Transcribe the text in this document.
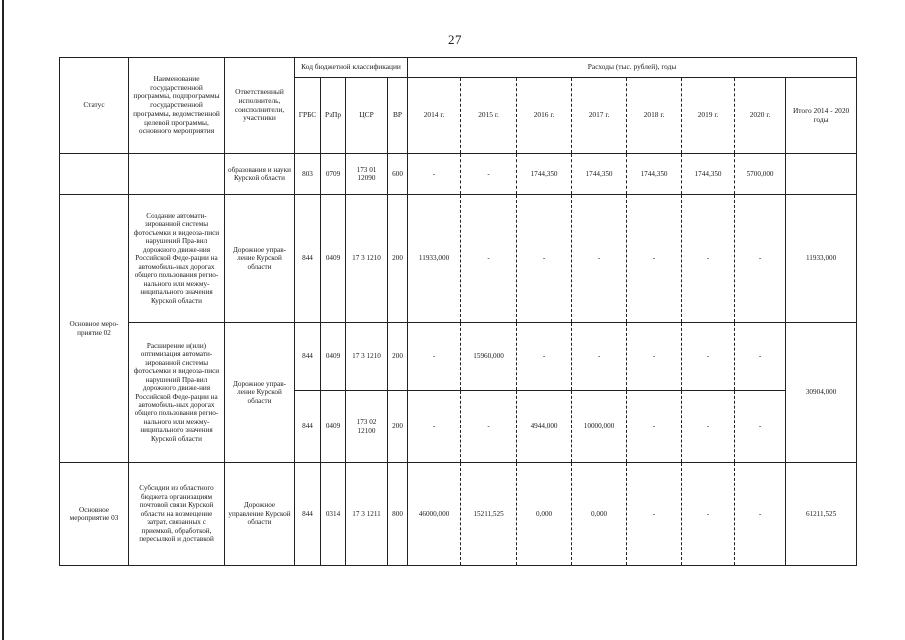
27
Статус	Наименование государственной программы, подпрограммы государственной программы, ведомственной целевой программы, основного мероприятия	Ответственный исполнитель, соисполнители, участники	Код бюджетной классификации				Расходы (тыс. рублей), годы							
			ГРБС	РзПр	ЦСР	ВР	2014 г.	2015 г.	2016 г.	2017 г.	2018 г.	2019 г.	2020 г.	Итого 2014 - 2020 годы
		образования и науки Курской области	803	0709	173 01 12090	600	-	-	1744,350	1744,350	1744,350	1744,350	5700,000	
Основное меро-приятие 02	Создание автомати-зированной системы фотосъемки и видеоза-писи нарушений Пра-вил дорожного движе-ния Российской Феде-рации на автомобиль-ных дорогах общего пользования регио-нального или межму-ниципального значения Курской области	Дорожное управ-ление Курской области	844	0409	17 3 1210	200	11933,000	-	-	-	-	-	-	11933,000
	Расширение и(или) оптимизация автомати-зированной системы фотосъемки и видеоза-писи нарушений Пра-вил дорожного движе-ния Российской Феде-рации на автомобиль-ных дорогах общего пользования регио-нального или межму-ниципального значения Курской области	Дорожное управ-ление Курской области	844	0409	17 3 1210	200	-	15960,000	-	-	-	-	-	30904,000
			844	0409	173 02 12100	200	-	-	4944,000	10000,000	-	-	-	
Основное мероприятие 03	Субсидии из областного бюджета организациям почтовой связи Курской области на возмещение затрат, связанных с приемкой, обработкой, пересылкой и доставкой	Дорожное управление Курской области	844	0314	17 3 1211	800	46000,000	15211,525	0,000	0,000	-	-	-	61211,525
